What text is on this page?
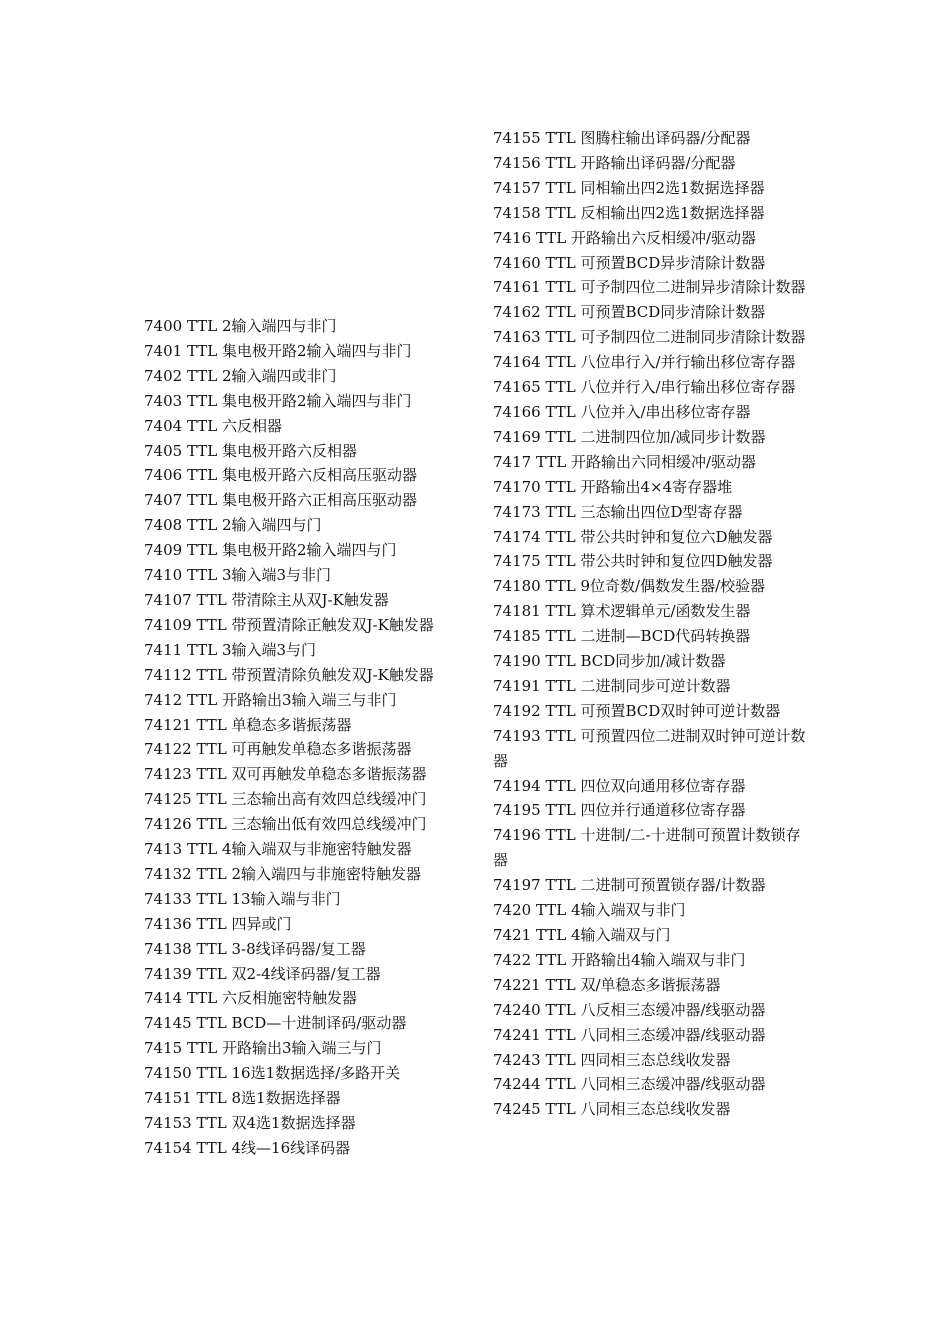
7400 TTL 2输入端四与非门
7401 TTL 集电极开路2输入端四与非门
7402 TTL 2输入端四或非门
7403 TTL 集电极开路2输入端四与非门
7404 TTL 六反相器
7405 TTL 集电极开路六反相器
7406 TTL 集电极开路六反相高压驱动器
7407 TTL 集电极开路六正相高压驱动器
7408 TTL 2输入端四与门
7409 TTL 集电极开路2输入端四与门
7410 TTL 3输入端3与非门
74107 TTL 带清除主从双J-K触发器
74109 TTL 带预置清除正触发双J-K触发器
7411 TTL 3输入端3与门
74112 TTL 带预置清除负触发双J-K触发器
7412 TTL 开路输出3输入端三与非门
74121 TTL 单稳态多谐振荡器
74122 TTL 可再触发单稳态多谐振荡器
74123 TTL 双可再触发单稳态多谐振荡器
74125 TTL 三态输出高有效四总线缓冲门
74126 TTL 三态输出低有效四总线缓冲门
7413 TTL 4输入端双与非施密特触发器
74132 TTL 2输入端四与非施密特触发器
74133 TTL 13输入端与非门
74136 TTL 四异或门
74138 TTL 3-8线译码器/复工器
74139 TTL 双2-4线译码器/复工器
7414 TTL 六反相施密特触发器
74145 TTL BCD—十进制译码/驱动器
7415 TTL 开路输出3输入端三与门
74150 TTL 16选1数据选择/多路开关
74151 TTL 8选1数据选择器
74153 TTL 双4选1数据选择器
74154 TTL 4线—16线译码器
74155 TTL 图腾柱输出译码器/分配器
74156 TTL 开路输出译码器/分配器
74157 TTL 同相输出四2选1数据选择器
74158 TTL 反相输出四2选1数据选择器
7416 TTL 开路输出六反相缓冲/驱动器
74160 TTL 可预置BCD异步清除计数器
74161 TTL 可予制四位二进制异步清除计数器
74162 TTL 可预置BCD同步清除计数器
74163 TTL 可予制四位二进制同步清除计数器
74164 TTL 八位串行入/并行输出移位寄存器
74165 TTL 八位并行入/串行输出移位寄存器
74166 TTL 八位并入/串出移位寄存器
74169 TTL 二进制四位加/减同步计数器
7417 TTL 开路输出六同相缓冲/驱动器
74170 TTL 开路输出4×4寄存器堆
74173 TTL 三态输出四位D型寄存器
74174 TTL 带公共时钟和复位六D触发器
74175 TTL 带公共时钟和复位四D触发器
74180 TTL 9位奇数/偶数发生器/校验器
74181 TTL 算术逻辑单元/函数发生器
74185 TTL 二进制—BCD代码转换器
74190 TTL BCD同步加/减计数器
74191 TTL 二进制同步可逆计数器
74192 TTL 可预置BCD双时钟可逆计数器
74193 TTL 可预置四位二进制双时钟可逆计数器
74194 TTL 四位双向通用移位寄存器
74195 TTL 四位并行通道移位寄存器
74196 TTL 十进制/二-十进制可预置计数锁存器
74197 TTL 二进制可预置锁存器/计数器
7420 TTL 4输入端双与非门
7421 TTL 4输入端双与门
7422 TTL 开路输出4输入端双与非门
74221 TTL 双/单稳态多谐振荡器
74240 TTL 八反相三态缓冲器/线驱动器
74241 TTL 八同相三态缓冲器/线驱动器
74243 TTL 四同相三态总线收发器
74244 TTL 八同相三态缓冲器/线驱动器
74245 TTL 八同相三态总线收发器
